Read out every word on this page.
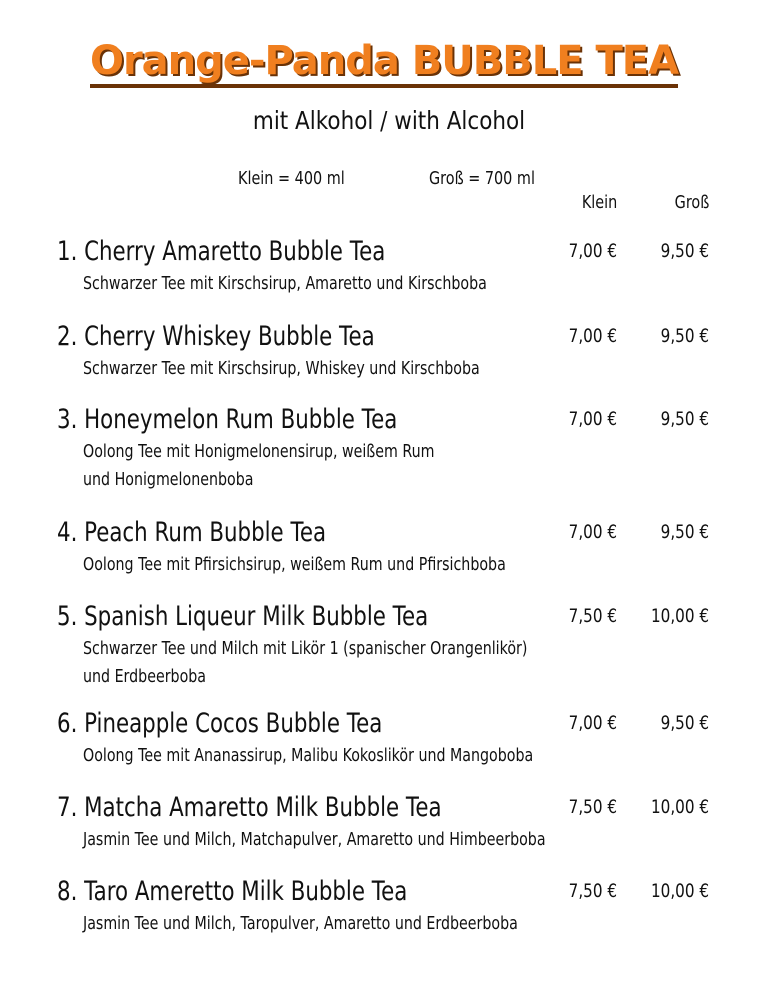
Orange-Panda BUBBLE TEA
mit Alkohol / with Alcohol
Klein = 400 ml	Groß = 700 ml
Klein	Groß
1. Cherry Amaretto Bubble Tea
Schwarzer Tee mit Kirschsirup, Amaretto und Kirschboba
7,00 €	9,50 €
2. Cherry Whiskey Bubble Tea
Schwarzer Tee mit Kirschsirup, Whiskey und Kirschboba
7,00 €	9,50 €
3. Honeymelon Rum Bubble Tea
Oolong Tee mit Honigmelonensirup, weißem Rum
und Honigmelonenboba
7,00 €	9,50 €
4. Peach Rum Bubble Tea
Oolong Tee mit Pfirsichsirup, weißem Rum und Pfirsichboba
7,00 €	9,50 €
5. Spanish Liqueur Milk Bubble Tea
Schwarzer Tee und Milch mit Likör 1 (spanischer Orangenlikör)
und Erdbeerboba
7,50 €	10,00 €
6. Pineapple Cocos Bubble Tea
Oolong Tee mit Ananassirup, Malibu Kokoslikör und Mangoboba
7,00 €	9,50 €
7. Matcha Amaretto Milk Bubble Tea
Jasmin Tee und Milch, Matchapulver, Amaretto und Himbeerboba
7,50 €	10,00 €
8. Taro Ameretto Milk Bubble Tea
Jasmin Tee und Milch, Taropulver, Amaretto und Erdbeerboba
7,50 €	10,00 €
